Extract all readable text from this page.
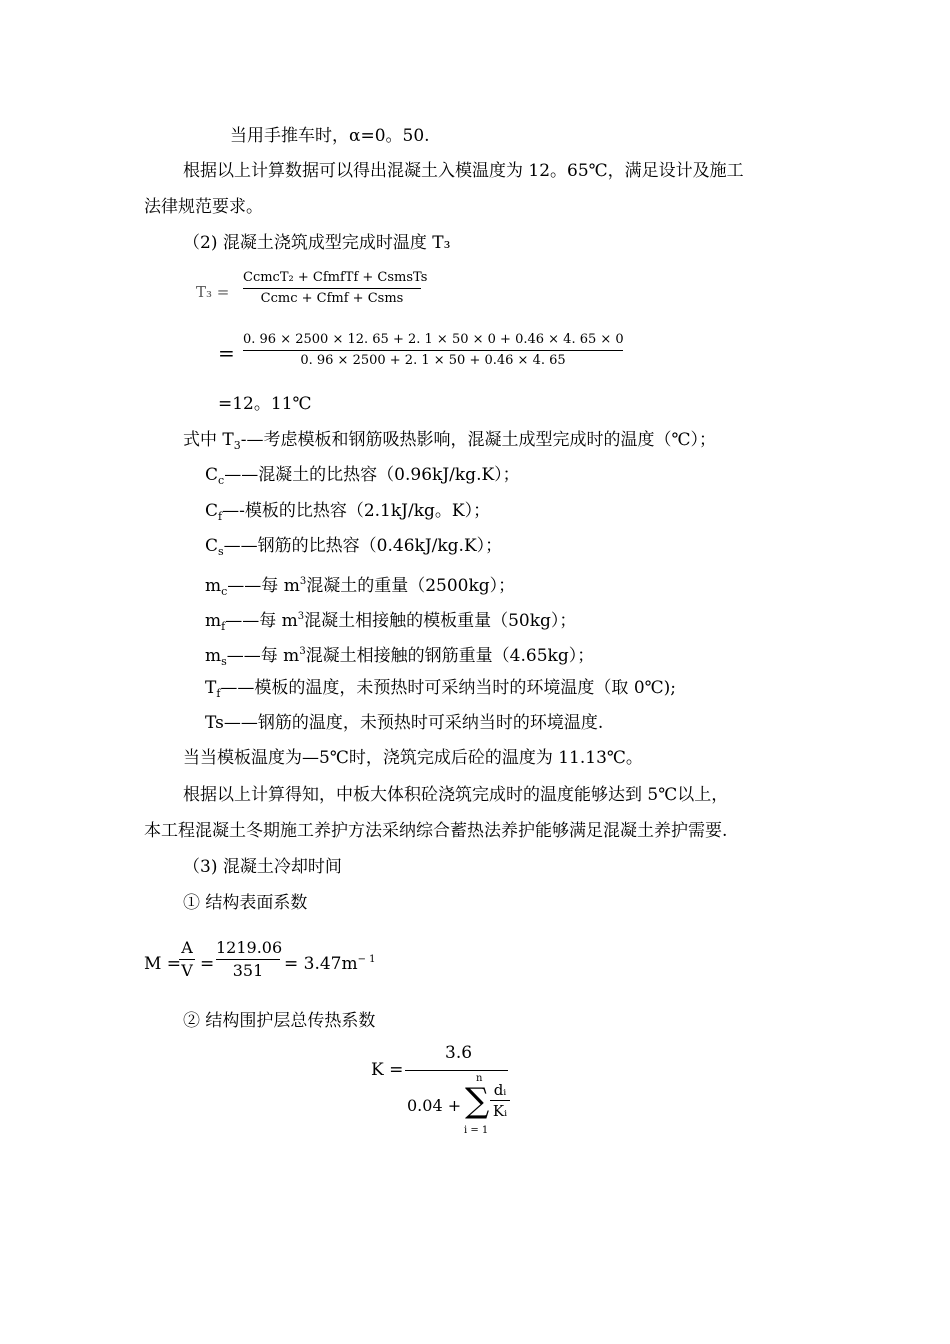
当用手推车时，α=0。50.
根据以上计算数据可以得出混凝土入模温度为 12。65℃，满足设计及施工
法律规范要求。
（2) 混凝土浇筑成型完成时温度 T₃
T₃ =
CcmcT₂ + CfmfTf + CsmsTs
Ccmc + Cfmf + Csms
=
0. 96 × 2500 × 12. 65 + 2. 1 × 50 × 0 + 0.46 × 4. 65 × 0
0. 96 × 2500 + 2. 1 × 50 + 0.46 × 4. 65
=12。11℃
式中 $T_3-—$考虑模板和钢筋吸热影响，混凝土成型完成时的温度（℃）；
$C_c——$混凝土的比热容（0.96kJ/kg.K）；
$C_f—-$模板的比热容（2.1kJ/kg。K）；
$C_s——$钢筋的比热容（0.46kJ/kg.K）；
$m_c——$每 $m^3$混凝土的重量（2500kg）；
$m_f——$每 $m^3$混凝土相接触的模板重量（50kg）；
$m_s——$每 $m^3$混凝土相接触的钢筋重量（4.65kg）；
$T_f——$模板的温度，未预热时可采纳当时的环境温度（取 0℃);
Ts——钢筋的温度，未预热时可采纳当时的环境温度.
当当模板温度为—5℃时，浇筑完成后砼的温度为 11.13℃。
根据以上计算得知，中板大体积砼浇筑完成时的温度能够达到 5℃以上，
本工程混凝土冬期施工养护方法采纳综合蓄热法养护能够满足混凝土养护需要.
（3) 混凝土冷却时间
① 结构表面系数
M =
A
V =
1219.06
351	= $3.47m^{- 1}$
② 结构围护层总传热系数
K =
3.6
0.04 +
n
∑
i = 1
dᵢ
Kᵢ
